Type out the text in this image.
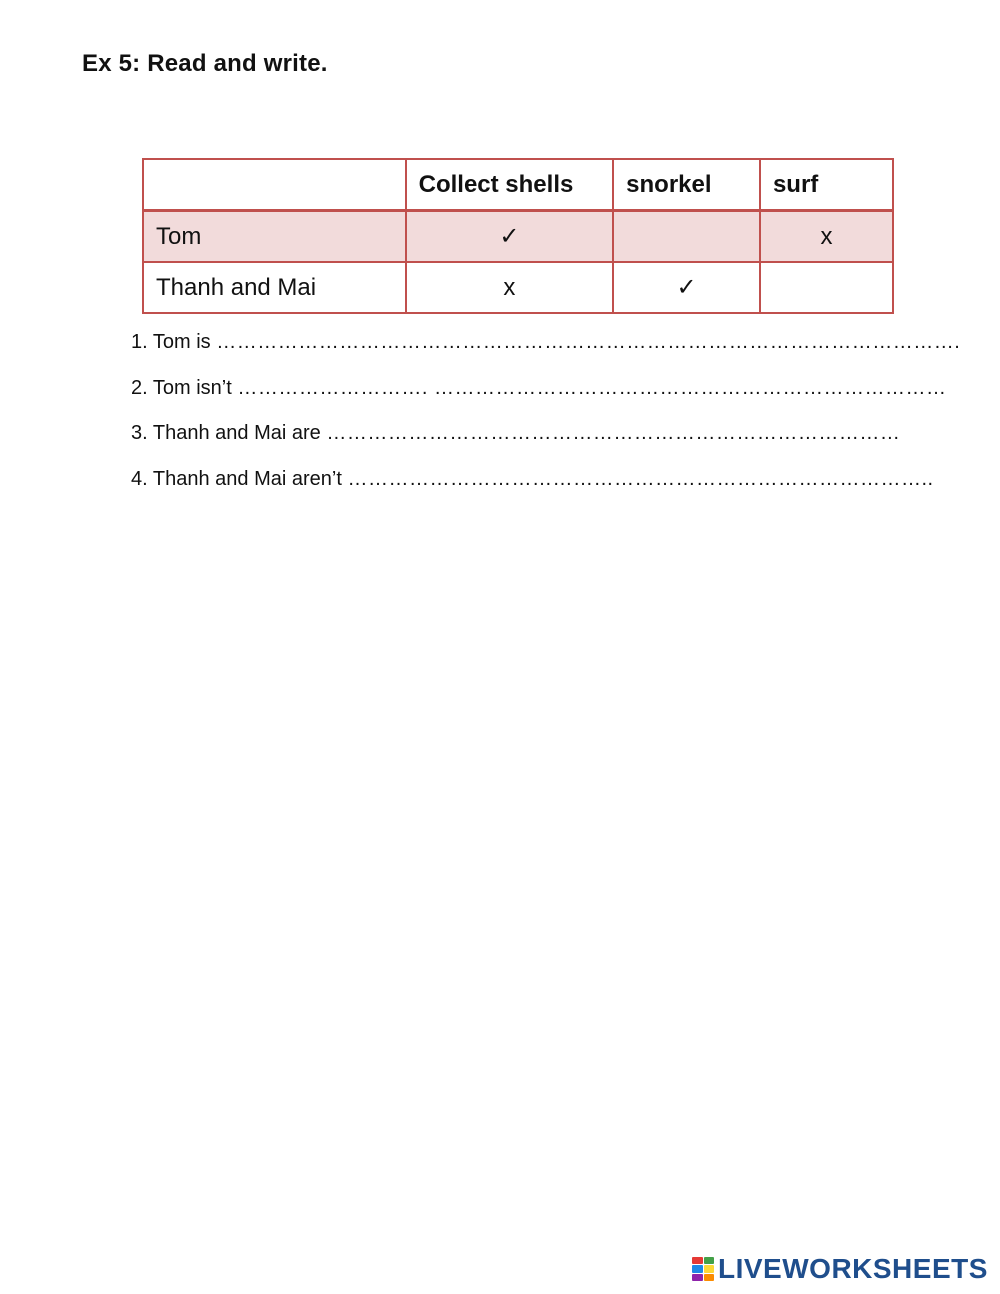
Ex 5: Read and write.
	Collect shells	snorkel	surf
Tom	✓		x
Thanh and Mai	x	✓	
1. Tom is ……………………………………………………………………………………………….
2. Tom isn’t ………………………. …………………………………………………………………
3. Thanh and Mai are …………………………………………………………………………
4. Thanh and Mai aren’t …………………………………………………………………………..
LIVEWORKSHEETS
